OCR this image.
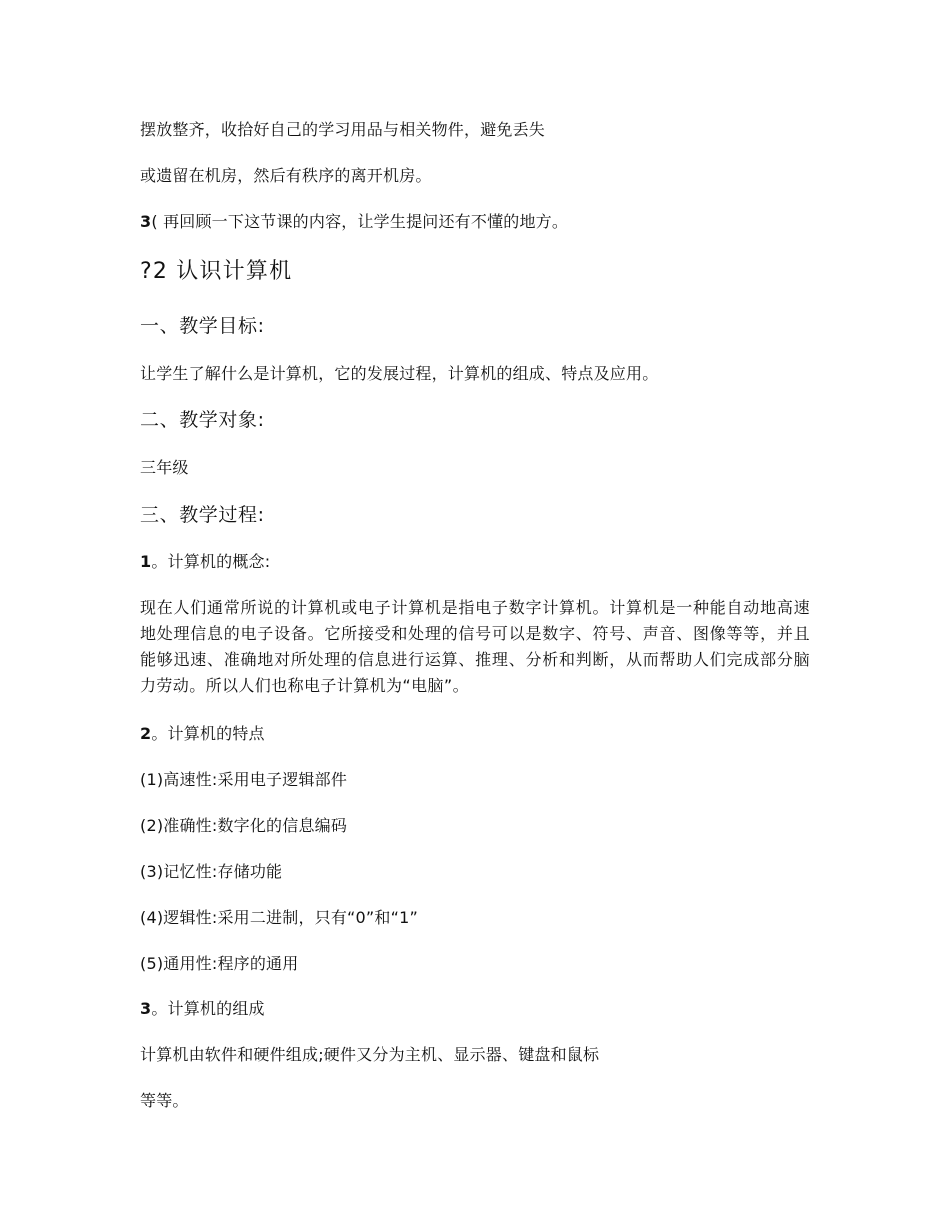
摆放整齐，收拾好自己的学习用品与相关物件，避免丢失
或遗留在机房，然后有秩序的离开机房。
3( 再回顾一下这节课的内容，让学生提问还有不懂的地方。
?2 认识计算机
一、教学目标:
让学生了解什么是计算机，它的发展过程，计算机的组成、特点及应用。
二、教学对象:
三年级
三、教学过程:
1。计算机的概念:
现在人们通常所说的计算机或电子计算机是指电子数字计算机。计算机是一种能自动地高速地处理信息的电子设备。它所接受和处理的信号可以是数字、符号、声音、图像等等，并且能够迅速、准确地对所处理的信息进行运算、推理、分析和判断，从而帮助人们完成部分脑力劳动。所以人们也称电子计算机为“电脑”。
2。计算机的特点
(1)高速性:采用电子逻辑部件
(2)准确性:数字化的信息编码
(3)记忆性:存储功能
(4)逻辑性:采用二进制，只有“0”和“1”
(5)通用性:程序的通用
3。计算机的组成
计算机由软件和硬件组成;硬件又分为主机、显示器、键盘和鼠标
等等。
